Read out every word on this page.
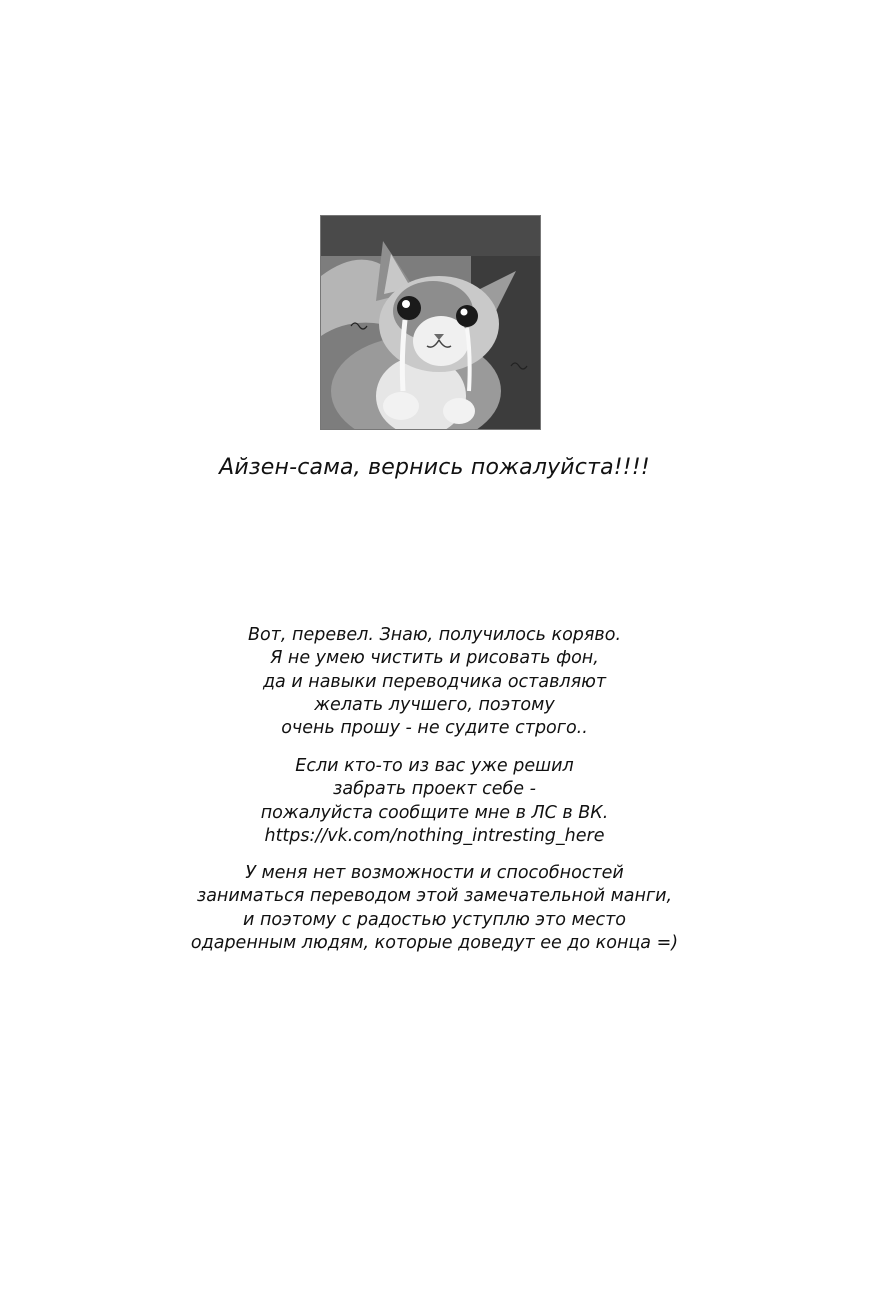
Айзен-сама, вернись пожалуйста!!!!
Вот, перевел. Знаю, получилось корявo.
Я не умею чистить и рисовать фон,
да и навыки переводчика оставляют
желать лучшего, поэтому
очень прошу - не судите строго..
Если кто-то из вас уже решил
забрать проект себе -
пожалуйста сообщите мне в ЛС в ВК.
https://vk.com/nothing_intresting_here
У меня нет возможности и способностей
заниматься переводом этой замечательной манги,
и поэтому с радостью уступлю это место
одаренным людям, которые доведут ее до конца =)
